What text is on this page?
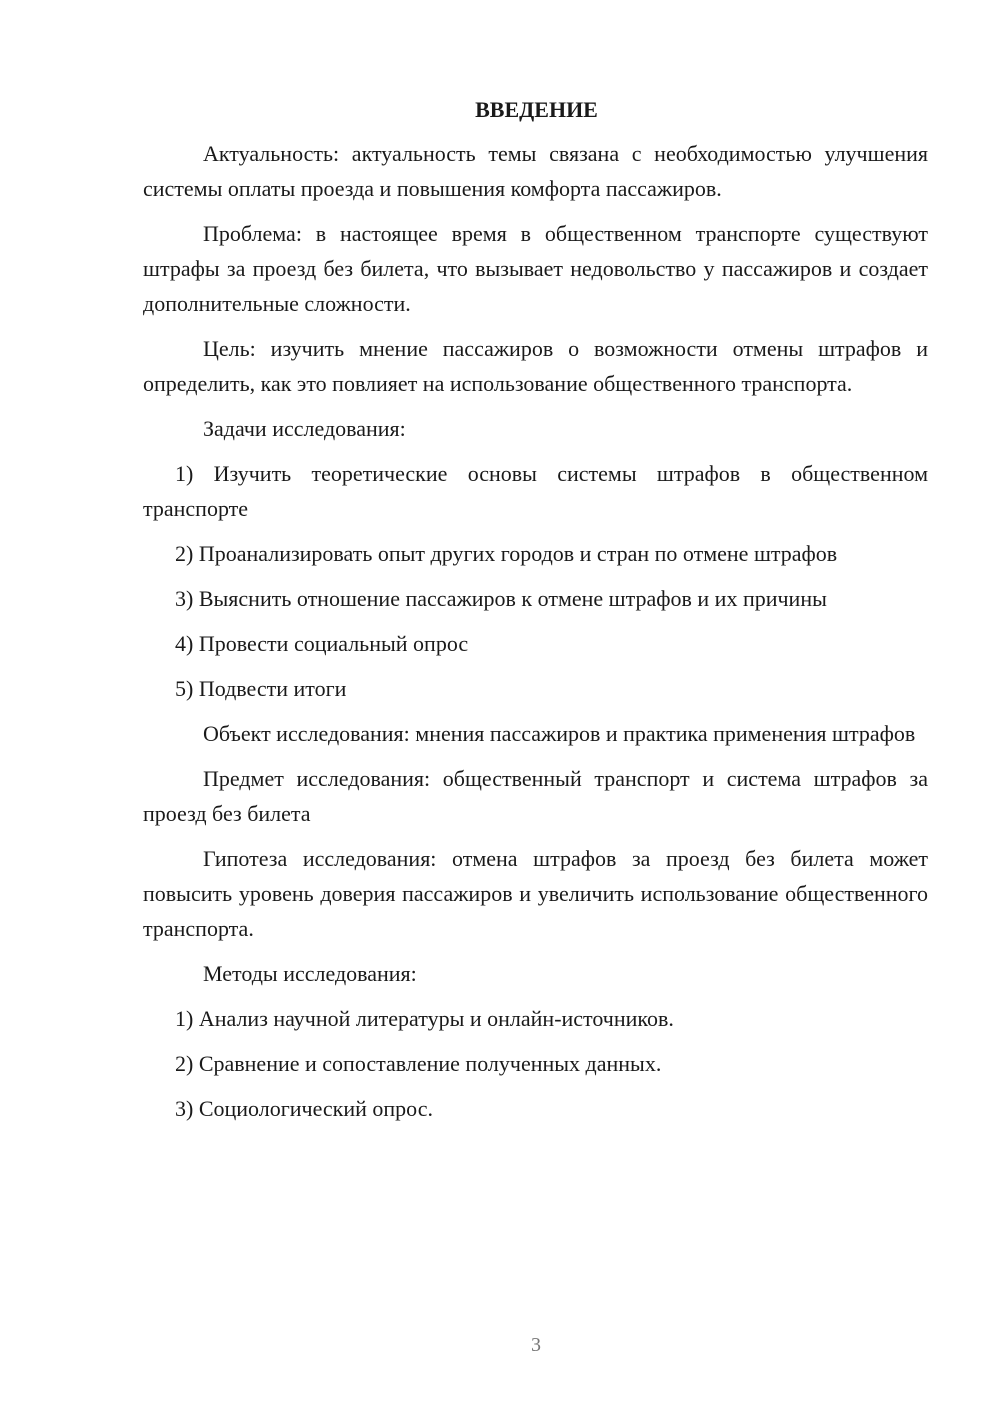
ВВЕДЕНИЕ

Актуальность: актуальность темы связана с необходимостью улучшения системы оплаты проезда и повышения комфорта пассажиров.

Проблема: в настоящее время в общественном транспорте существуют штрафы за проезд без билета, что вызывает недовольство у пассажиров и создает дополнительные сложности.

Цель: изучить мнение пассажиров о возможности отмены штрафов и определить, как это повлияет на использование общественного транспорта.

Задачи исследования:

1) Изучить теоретические основы системы штрафов в общественном транспорте

2) Проанализировать опыт других городов и стран по отмене штрафов

3) Выяснить отношение пассажиров к отмене штрафов и их причины

4) Провести социальный опрос

5) Подвести итоги

Объект исследования: мнения пассажиров и практика применения штрафов

Предмет исследования: общественный транспорт и система штрафов за проезд без билета

Гипотеза исследования: отмена штрафов за проезд без билета может повысить уровень доверия пассажиров и увеличить использование общественного транспорта.

Методы исследования:

1) Анализ научной литературы и онлайн-источников.

2) Сравнение и сопоставление полученных данных.

3) Социологический опрос.

3
